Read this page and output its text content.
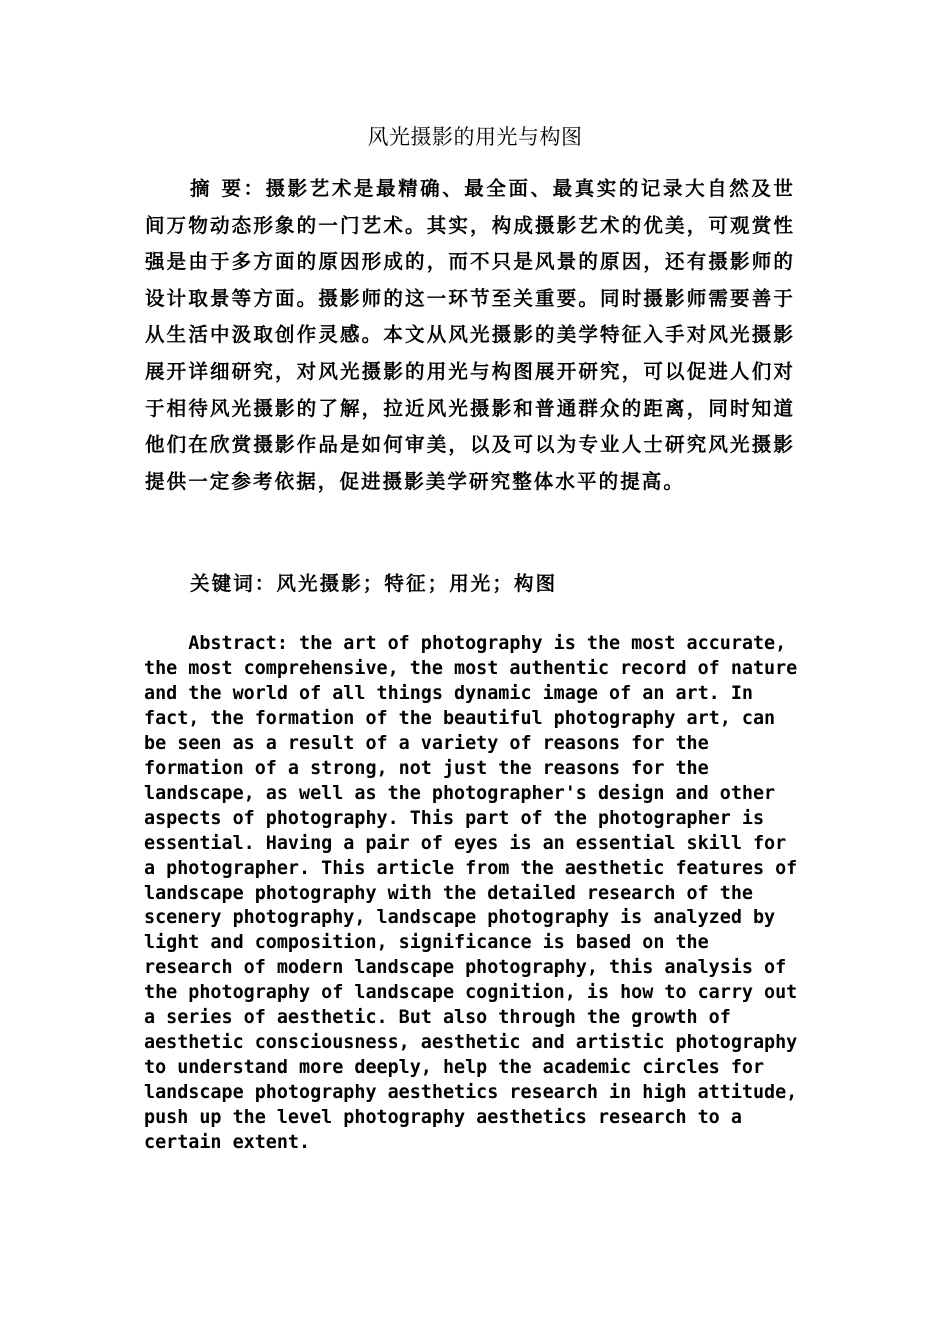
风光摄影的用光与构图

摘 要：摄影艺术是最精确、最全面、最真实的记录大自然及世间万物动态形象的一门艺术。其实，构成摄影艺术的优美，可观赏性强是由于多方面的原因形成的，而不只是风景的原因，还有摄影师的设计取景等方面。摄影师的这一环节至关重要。同时摄影师需要善于从生活中汲取创作灵感。本文从风光摄影的美学特征入手对风光摄影展开详细研究，对风光摄影的用光与构图展开研究，可以促进人们对于相待风光摄影的了解，拉近风光摄影和普通群众的距离，同时知道他们在欣赏摄影作品是如何审美，以及可以为专业人士研究风光摄影提供一定参考依据，促进摄影美学研究整体水平的提高。

关键词：风光摄影；特征；用光；构图

Abstract: the art of photography is the most accurate,
the most comprehensive, the most authentic record of nature
and the world of all things dynamic image of an art. In
fact, the formation of the beautiful photography art, can
be seen as a result of a variety of reasons for the
formation of a strong, not just the reasons for the
landscape, as well as the photographer's design and other
aspects of photography. This part of the photographer is
essential. Having a pair of eyes is an essential skill for
a photographer. This article from the aesthetic features of
landscape photography with the detailed research of the
scenery photography, landscape photography is analyzed by
light and composition, significance is based on the
research of modern landscape photography, this analysis of
the photography of landscape cognition, is how to carry out
a series of aesthetic. But also through the growth of
aesthetic consciousness, aesthetic and artistic photography
to understand more deeply, help the academic circles for
landscape photography aesthetics research in high attitude,
push up the level photography aesthetics research to a
certain extent.
